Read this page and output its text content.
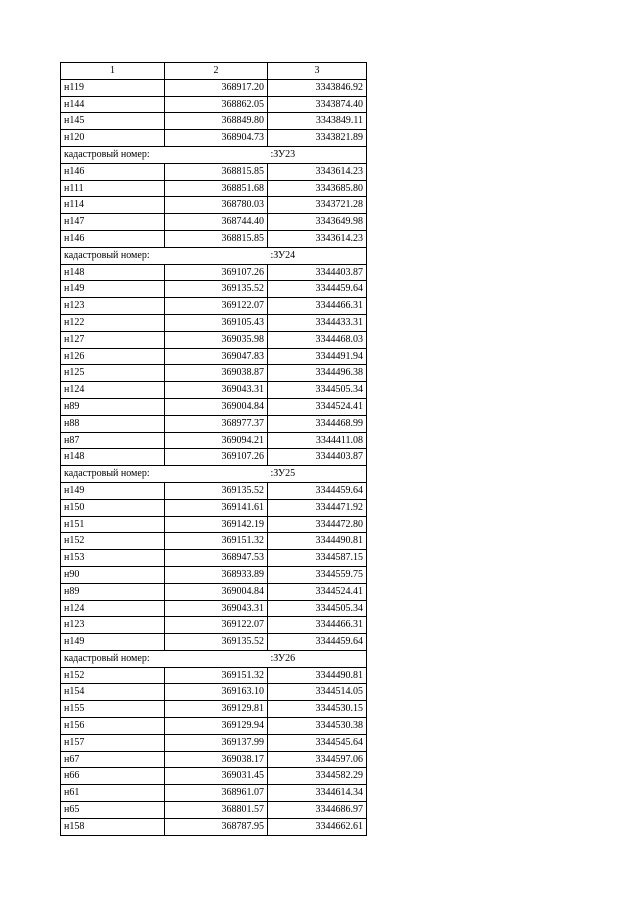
1	2	3
н119	368917.20	3343846.92
н144	368862.05	3343874.40
н145	368849.80	3343849.11
н120	368904.73	3343821.89
кадастровый номер:		:ЗУ23
н146	368815.85	3343614.23
н111	368851.68	3343685.80
н114	368780.03	3343721.28
н147	368744.40	3343649.98
н146	368815.85	3343614.23
кадастровый номер:		:ЗУ24
н148	369107.26	3344403.87
н149	369135.52	3344459.64
н123	369122.07	3344466.31
н122	369105.43	3344433.31
н127	369035.98	3344468.03
н126	369047.83	3344491.94
н125	369038.87	3344496.38
н124	369043.31	3344505.34
н89	369004.84	3344524.41
н88	368977.37	3344468.99
н87	369094.21	3344411.08
н148	369107.26	3344403.87
кадастровый номер:		:ЗУ25
н149	369135.52	3344459.64
н150	369141.61	3344471.92
н151	369142.19	3344472.80
н152	369151.32	3344490.81
н153	368947.53	3344587.15
н90	368933.89	3344559.75
н89	369004.84	3344524.41
н124	369043.31	3344505.34
н123	369122.07	3344466.31
н149	369135.52	3344459.64
кадастровый номер:		:ЗУ26
н152	369151.32	3344490.81
н154	369163.10	3344514.05
н155	369129.81	3344530.15
н156	369129.94	3344530.38
н157	369137.99	3344545.64
н67	369038.17	3344597.06
н66	369031.45	3344582.29
н61	368961.07	3344614.34
н65	368801.57	3344686.97
н158	368787.95	3344662.61
